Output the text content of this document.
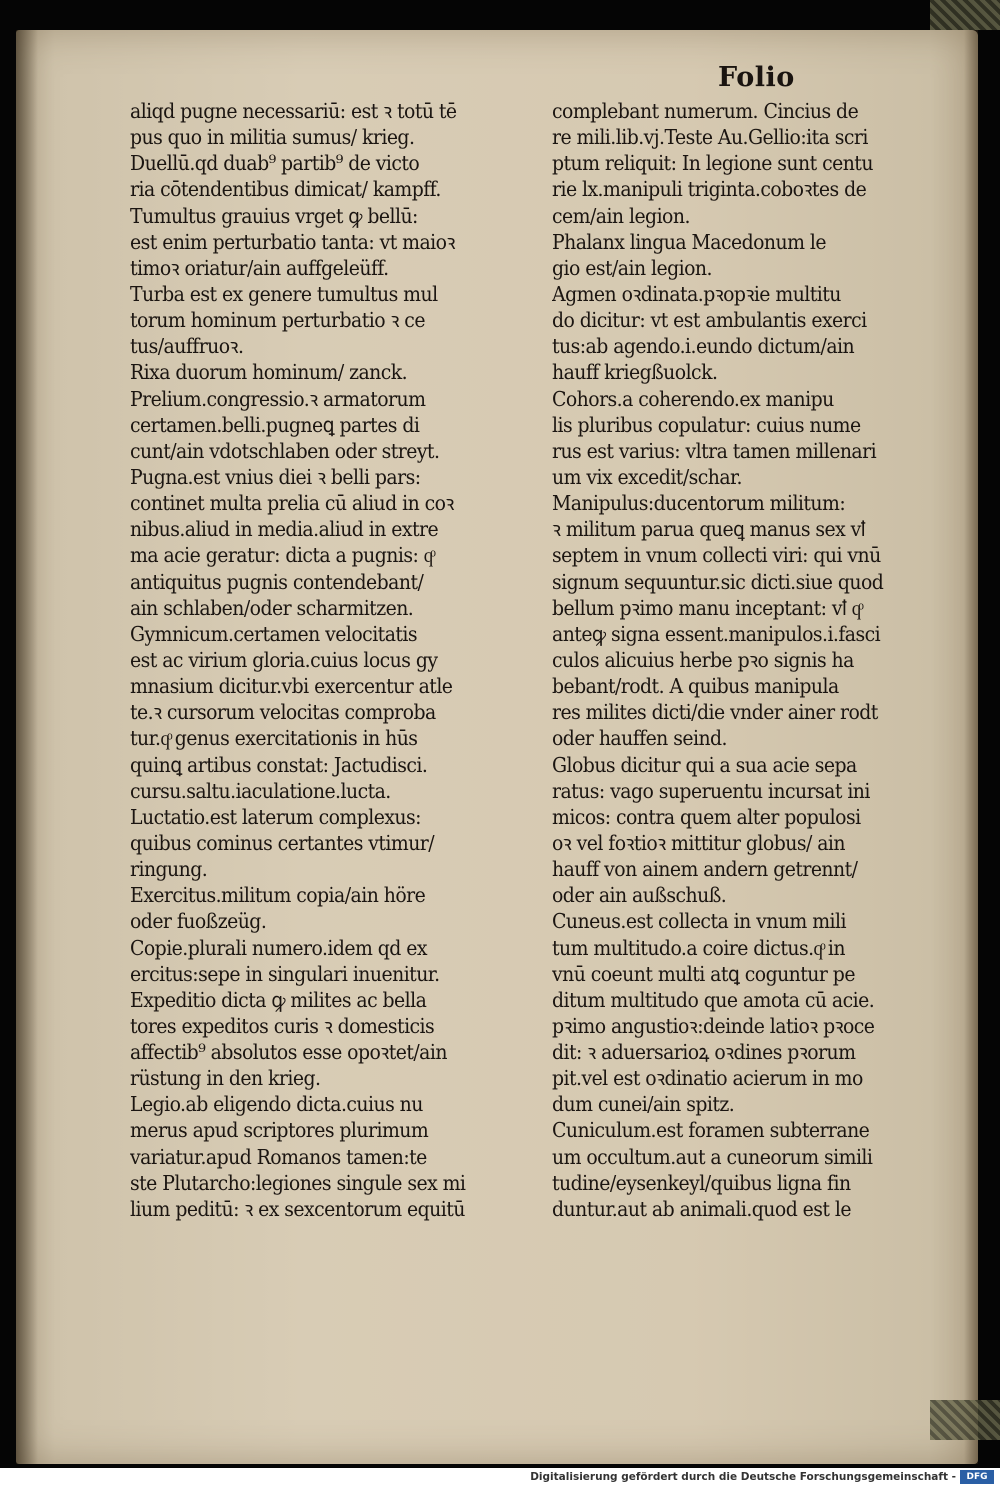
Folio
aliqd pugne necessariū: est ꝛ totū tē
pus quo in militia sumus/ krieg.
Duellū.qd duab⁹ partib⁹ de victo
ria cōtendentibus dimicat/ kampff.
Tumultus grauius vrget ꝙ bellū:
est enim perturbatio tanta: vt maioꝛ
timoꝛ oriatur/ain auffgeleüff.
Turba est ex genere tumultus mul
torum hominum perturbatio ꝛ ce
tus/auffruoꝛ.
Rixa duorum hominum/ zanck.
Prelium.congressio.ꝛ armatorum
certamen.belli.pugneꝗ partes di
cunt/ain vdotschlaben oder streyt.
Pugna.est vnius diei ꝛ belli pars:
continet multa prelia cū aliud in coꝛ
nibus.aliud in media.aliud in extre
ma acie geratur: dicta a pugnis: qͦ
antiquitus pugnis contendebant/
ain schlaben/oder scharmitzen.
Gymnicum.certamen velocitatis
est ac virium gloria.cuius locus gy
mnasium dicitur.vbi exercentur atle
te.ꝛ cursorum velocitas comproba
tur.qͦ genus exercitationis in hūs
quinꝗ artibus constat: Jactudisci.
cursu.saltu.iaculatione.lucta.
Luctatio.est laterum complexus:
quibus cominus certantes vtimur/
ringung.
Exercitus.militum copia/ain höre
oder fuoßzeüg.
Copie.plurali numero.idem qd ex
ercitus:sepe in singulari inuenitur.
Expeditio dicta ꝙ milites ac bella
tores expeditos curis ꝛ domesticis
affectib⁹ absolutos esse opoꝛtet/ain
rüstung in den krieg.
Legio.ab eligendo dicta.cuius nu
merus apud scriptores plurimum
variatur.apud Romanos tamen:te
ste Plutarcho:legiones singule sex mi
lium peditū: ꝛ ex sexcentorum equitū
complebant numerum. Cincius de
re mili.lib.vj.Teste Au.Gellio:ita scri
ptum reliquit: In legione sunt centu
rie lx.manipuli triginta.coboꝛtes de
cem/ain legion.
Phalanx lingua Macedonum le
gio est/ain legion.
Agmen oꝛdinata.pꝛopꝛie multitu
do dicitur: vt est ambulantis exerci
tus:ab agendo.i.eundo dictum/ain
hauff kriegßuolck.
Cohors.a coherendo.ex manipu
lis pluribus copulatur: cuius nume
rus est varius: vltra tamen millenari
um vix excedit/schar.
Manipulus:ducentorum militum:
ꝛ militum parua queꝗ manus sex vꝉ
septem in vnum collecti viri: qui vnū
signum sequuntur.sic dicti.siue quod
bellum pꝛimo manu inceptant: vꝉ qͦ
anteꝙ signa essent.manipulos.i.fasci
culos alicuius herbe pꝛo signis ha
bebant/rodt. A quibus manipula
res milites dicti/die vnder ainer rodt
oder hauffen seind.
Globus dicitur qui a sua acie sepa
ratus: vago superuentu incursat ini
micos: contra quem alter populosi
oꝛ vel foꝛtioꝛ mittitur globus/ ain
hauff von ainem andern getrennt/
oder ain außschuß.
Cuneus.est collecta in vnum mili
tum multitudo.a coire dictus.qͦ in
vnū coeunt multi atꝗ coguntur pe
ditum multitudo que amota cū acie.
pꝛimo angustioꝛ:deinde latioꝛ pꝛoce
dit: ꝛ aduersarioꝝ oꝛdines pꝛorum
pit.vel est oꝛdinatio acierum in mo
dum cunei/ain spitz.
Cuniculum.est foramen subterrane
um occultum.aut a cuneorum simili
tudine/eysenkeyl/quibus ligna fin
duntur.aut ab animali.quod est le
Digitalisierung gefördert durch die Deutsche Forschungsgemeinschaft -	DFG
